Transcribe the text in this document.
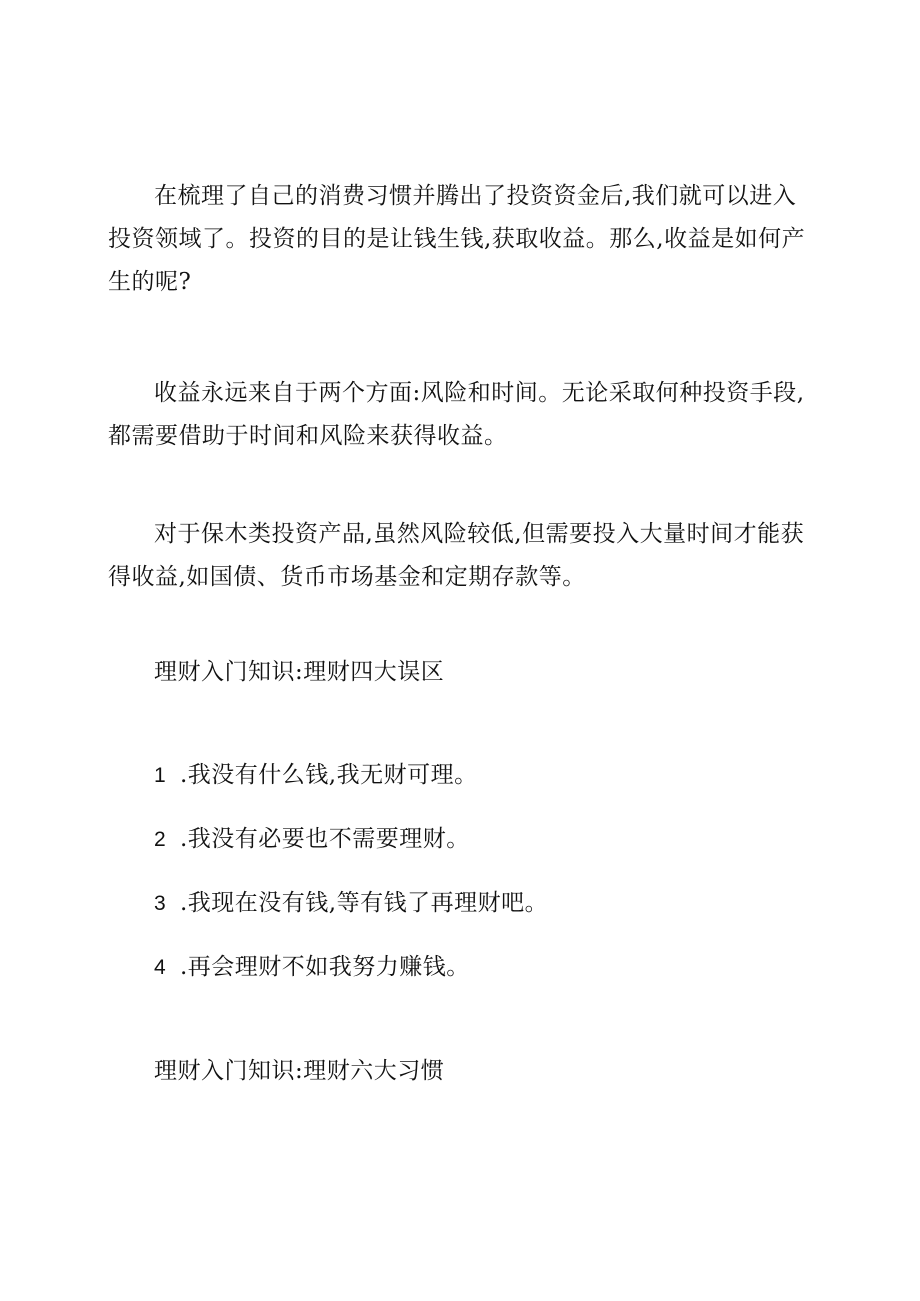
在梳理了自己的消费习惯并腾出了投资资金后,我们就可以进入投资领域了。投资的目的是让钱生钱,获取收益。那么,收益是如何产生的呢?

收益永远来自于两个方面:风险和时间。无论采取何种投资手段,都需要借助于时间和风险来获得收益。

对于保木类投资产品,虽然风险较低,但需要投入大量时间才能获得收益,如国债、货币市场基金和定期存款等。

理财入门知识:理财四大误区
1 .我没有什么钱,我无财可理。
2 .我没有必要也不需要理财。
3 .我现在没有钱,等有钱了再理财吧。
4 .再会理财不如我努力赚钱。
理财入门知识:理财六大习惯
